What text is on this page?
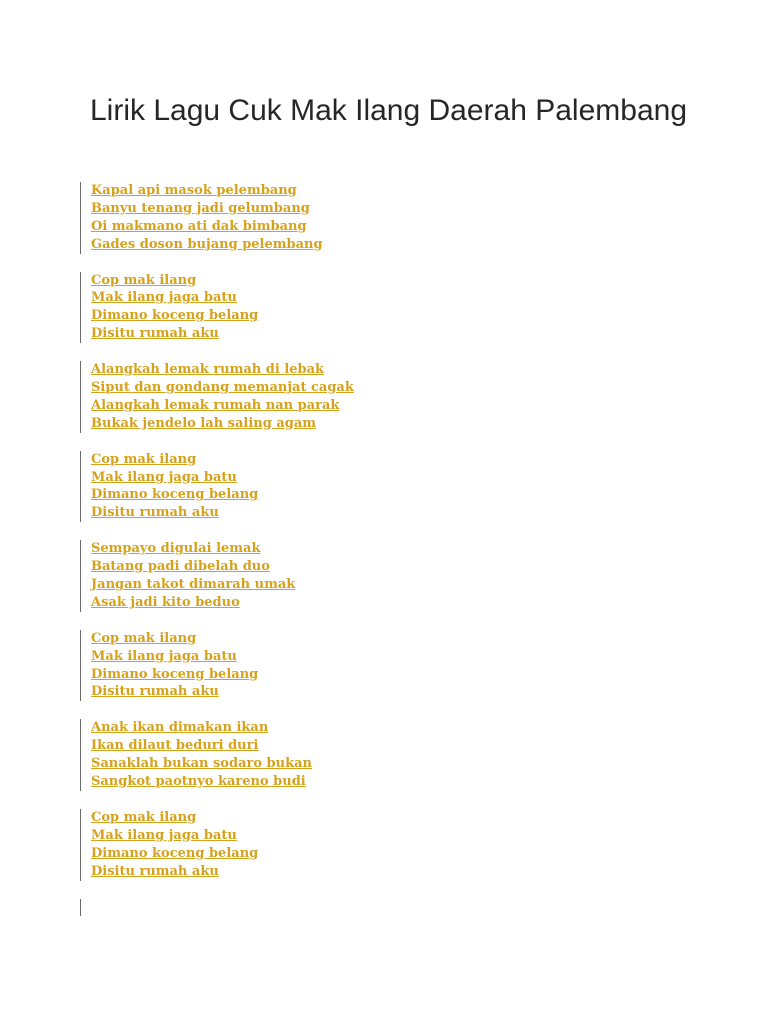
Lirik Lagu Cuk Mak Ilang Daerah Palembang
Kapal api masok pelembang
Banyu tenang jadi gelumbang
Oi makmano ati dak bimbang
Gades doson bujang pelembang
Cop mak ilang
Mak ilang jaga batu
Dimano koceng belang
Disitu rumah aku
Alangkah lemak rumah di lebak
Siput dan gondang memanjat cagak
Alangkah lemak rumah nan parak
Bukak jendelo lah saling agam
Cop mak ilang
Mak ilang jaga batu
Dimano koceng belang
Disitu rumah aku
Sempayo digulai lemak
Batang padi dibelah duo
Jangan takot dimarah umak
Asak jadi kito beduo
Cop mak ilang
Mak ilang jaga batu
Dimano koceng belang
Disitu rumah aku
Anak ikan dimakan ikan
Ikan dilaut beduri duri
Sanaklah bukan sodaro bukan
Sangkot paotnyo kareno budi
Cop mak ilang
Mak ilang jaga batu
Dimano koceng belang
Disitu rumah aku
